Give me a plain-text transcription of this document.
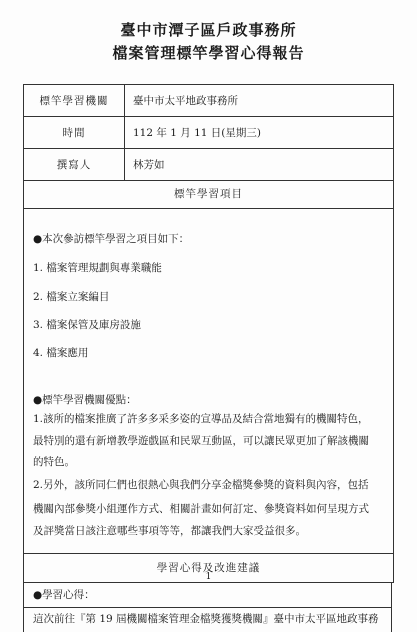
臺中市潭子區戶政事務所
檔案管理標竿學習心得報告
標竿學習機關	臺中市太平地政事務所
時間	112 年 1 月 11 日(星期三)
撰寫人	林芳如
標竿學習項目

●本次參訪標竿學習之項目如下：

1. 檔案管理規劃與專業職能

2. 檔案立案編目

3. 檔案保管及庫房設施

4. 檔案應用

●標竿學習機關優點：

1.該所的檔案推廣了許多多采多姿的宣導品及結合當地獨有的機關特色，

最特別的還有新增教學遊戲區和民眾互動區，可以讓民眾更加了解該機關

的特色。

2.另外，該所同仁們也很熱心與我們分享金檔獎參獎的資料與內容，包括

機關內部參獎小組運作方式、相關計畫如何訂定、參獎資料如何呈現方式

及評獎當日該注意哪些事項等等，都讓我們大家受益很多。

學習心得及改進建議
●學習心得：
這次前往『第 19 屆機關檔案管理金檔獎獲獎機關』臺中市太平區地政事務
1
